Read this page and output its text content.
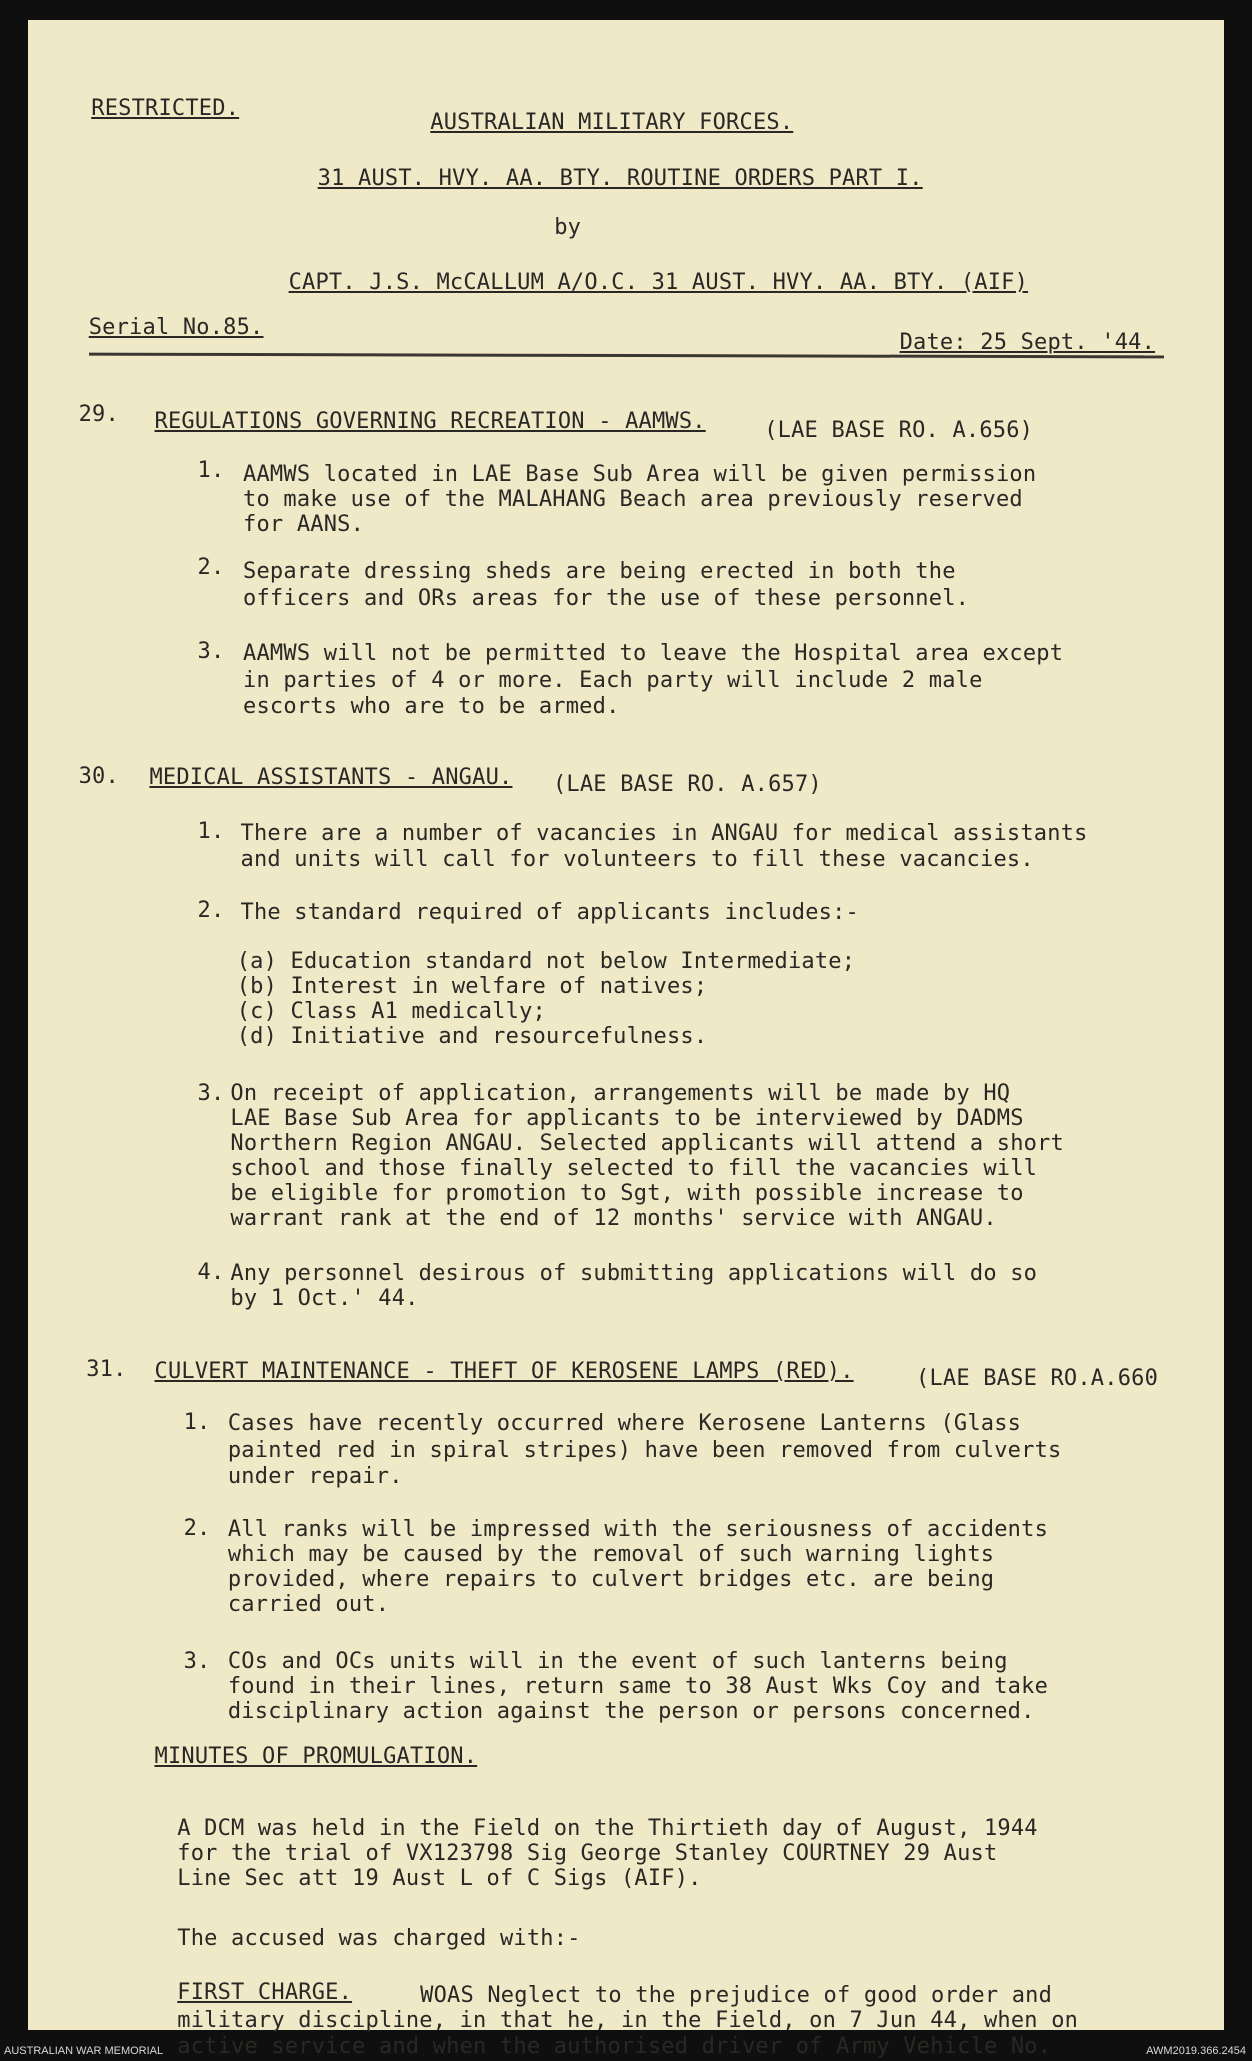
RESTRICTED.
AUSTRALIAN MILITARY FORCES.
31 AUST. HVY. AA. BTY. ROUTINE ORDERS PART I.
by
CAPT. J.S. McCALLUM A/O.C. 31 AUST. HVY. AA. BTY. (AIF)
Serial No.85.
Date: 25 Sept. '44.
29. REGULATIONS GOVERNING RECREATION - AAMWS.	(LAE BASE RO. A.656)
1. AAMWS located in LAE Base Sub Area will be given permission
to make use of the MALAHANG Beach area previously reserved
for AANS.
2. Separate dressing sheds are being erected in both the
officers and ORs areas for the use of these personnel.
3. AAMWS will not be permitted to leave the Hospital area except
in parties of 4 or more. Each party will include 2 male
escorts who are to be armed.
30. MEDICAL ASSISTANTS - ANGAU. (LAE BASE RO. A.657)
1. There are a number of vacancies in ANGAU for medical assistants
and units will call for volunteers to fill these vacancies.
2. The standard required of applicants includes:-
(a) Education standard not below Intermediate;
(b) Interest in welfare of natives;
(c) Class A1 medically;
(d) Initiative and resourcefulness.
3. On receipt of application, arrangements will be made by HQ
LAE Base Sub Area for applicants to be interviewed by DADMS
Northern Region ANGAU. Selected applicants will attend a short
school and those finally selected to fill the vacancies will
be eligible for promotion to Sgt, with possible increase to
warrant rank at the end of 12 months' service with ANGAU.
4. Any personnel desirous of submitting applications will do so
by 1 Oct.' 44.
31. CULVERT MAINTENANCE - THEFT OF KEROSENE LAMPS (RED).	(LAE BASE RO.A.660
1. Cases have recently occurred where Kerosene Lanterns (Glass
painted red in spiral stripes) have been removed from culverts
under repair.
2. All ranks will be impressed with the seriousness of accidents
which may be caused by the removal of such warning lights
provided, where repairs to culvert bridges etc. are being
carried out.
3. COs and OCs units will in the event of such lanterns being
found in their lines, return same to 38 Aust Wks Coy and take
disciplinary action against the person or persons concerned.
MINUTES OF PROMULGATION.
A DCM was held in the Field on the Thirtieth day of August, 1944
for the trial of VX123798 Sig George Stanley COURTNEY 29 Aust
Line Sec att 19 Aust L of C Sigs (AIF).
The accused was charged with:-
FIRST CHARGE.	WOAS Neglect to the prejudice of good order and
military discipline, in that he, in the Field, on 7 Jun 44, when on
active service and when the authorised driver of Army Vehicle No.
AUSTRALIAN WAR MEMORIAL	AWM2019.366.2454
